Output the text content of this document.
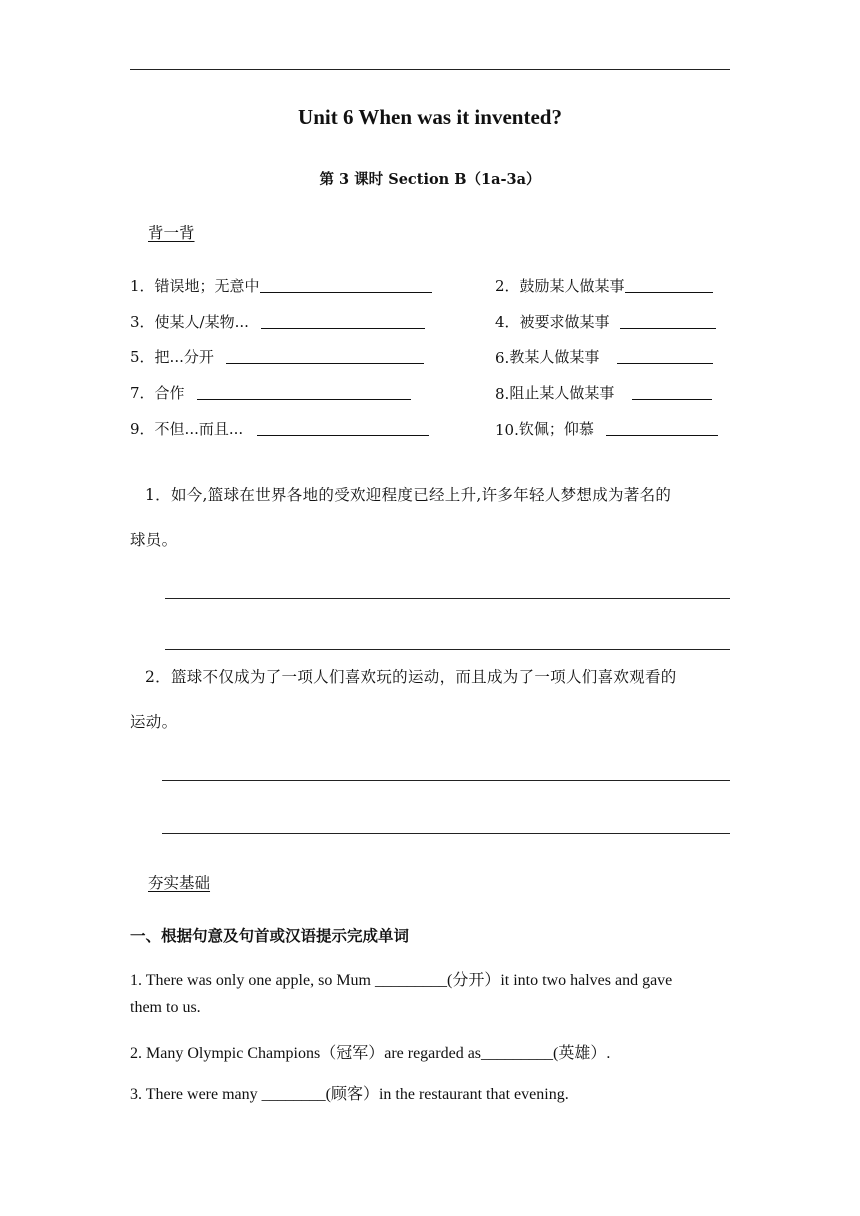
Unit 6 When was it invented?
第 3 课时 Section B（1a-3a）
背一背
1． 错误地；无意中	2． 鼓励某人做某事
3． 使某人/某物...	4． 被要求做某事
5． 把...分开	6. 教某人做某事
7． 合作	8. 阻止某人做某事
9． 不但...而且...	10. 钦佩；仰慕
1．如今,篮球在世界各地的受欢迎程度已经上升,许多年轻人梦想成为著名的
球员。
2．篮球不仅成为了一项人们喜欢玩的运动，而且成为了一项人们喜欢观看的
运动。
夯实基础
一、根据句意及句首或汉语提示完成单词
1. There was only one apple, so Mum _________(分开）it into two halves and gave
them to us.
2. Many Olympic Champions（冠军）are regarded as_________(英雄）.
3. There were many ________(顾客）in the restaurant that evening.
